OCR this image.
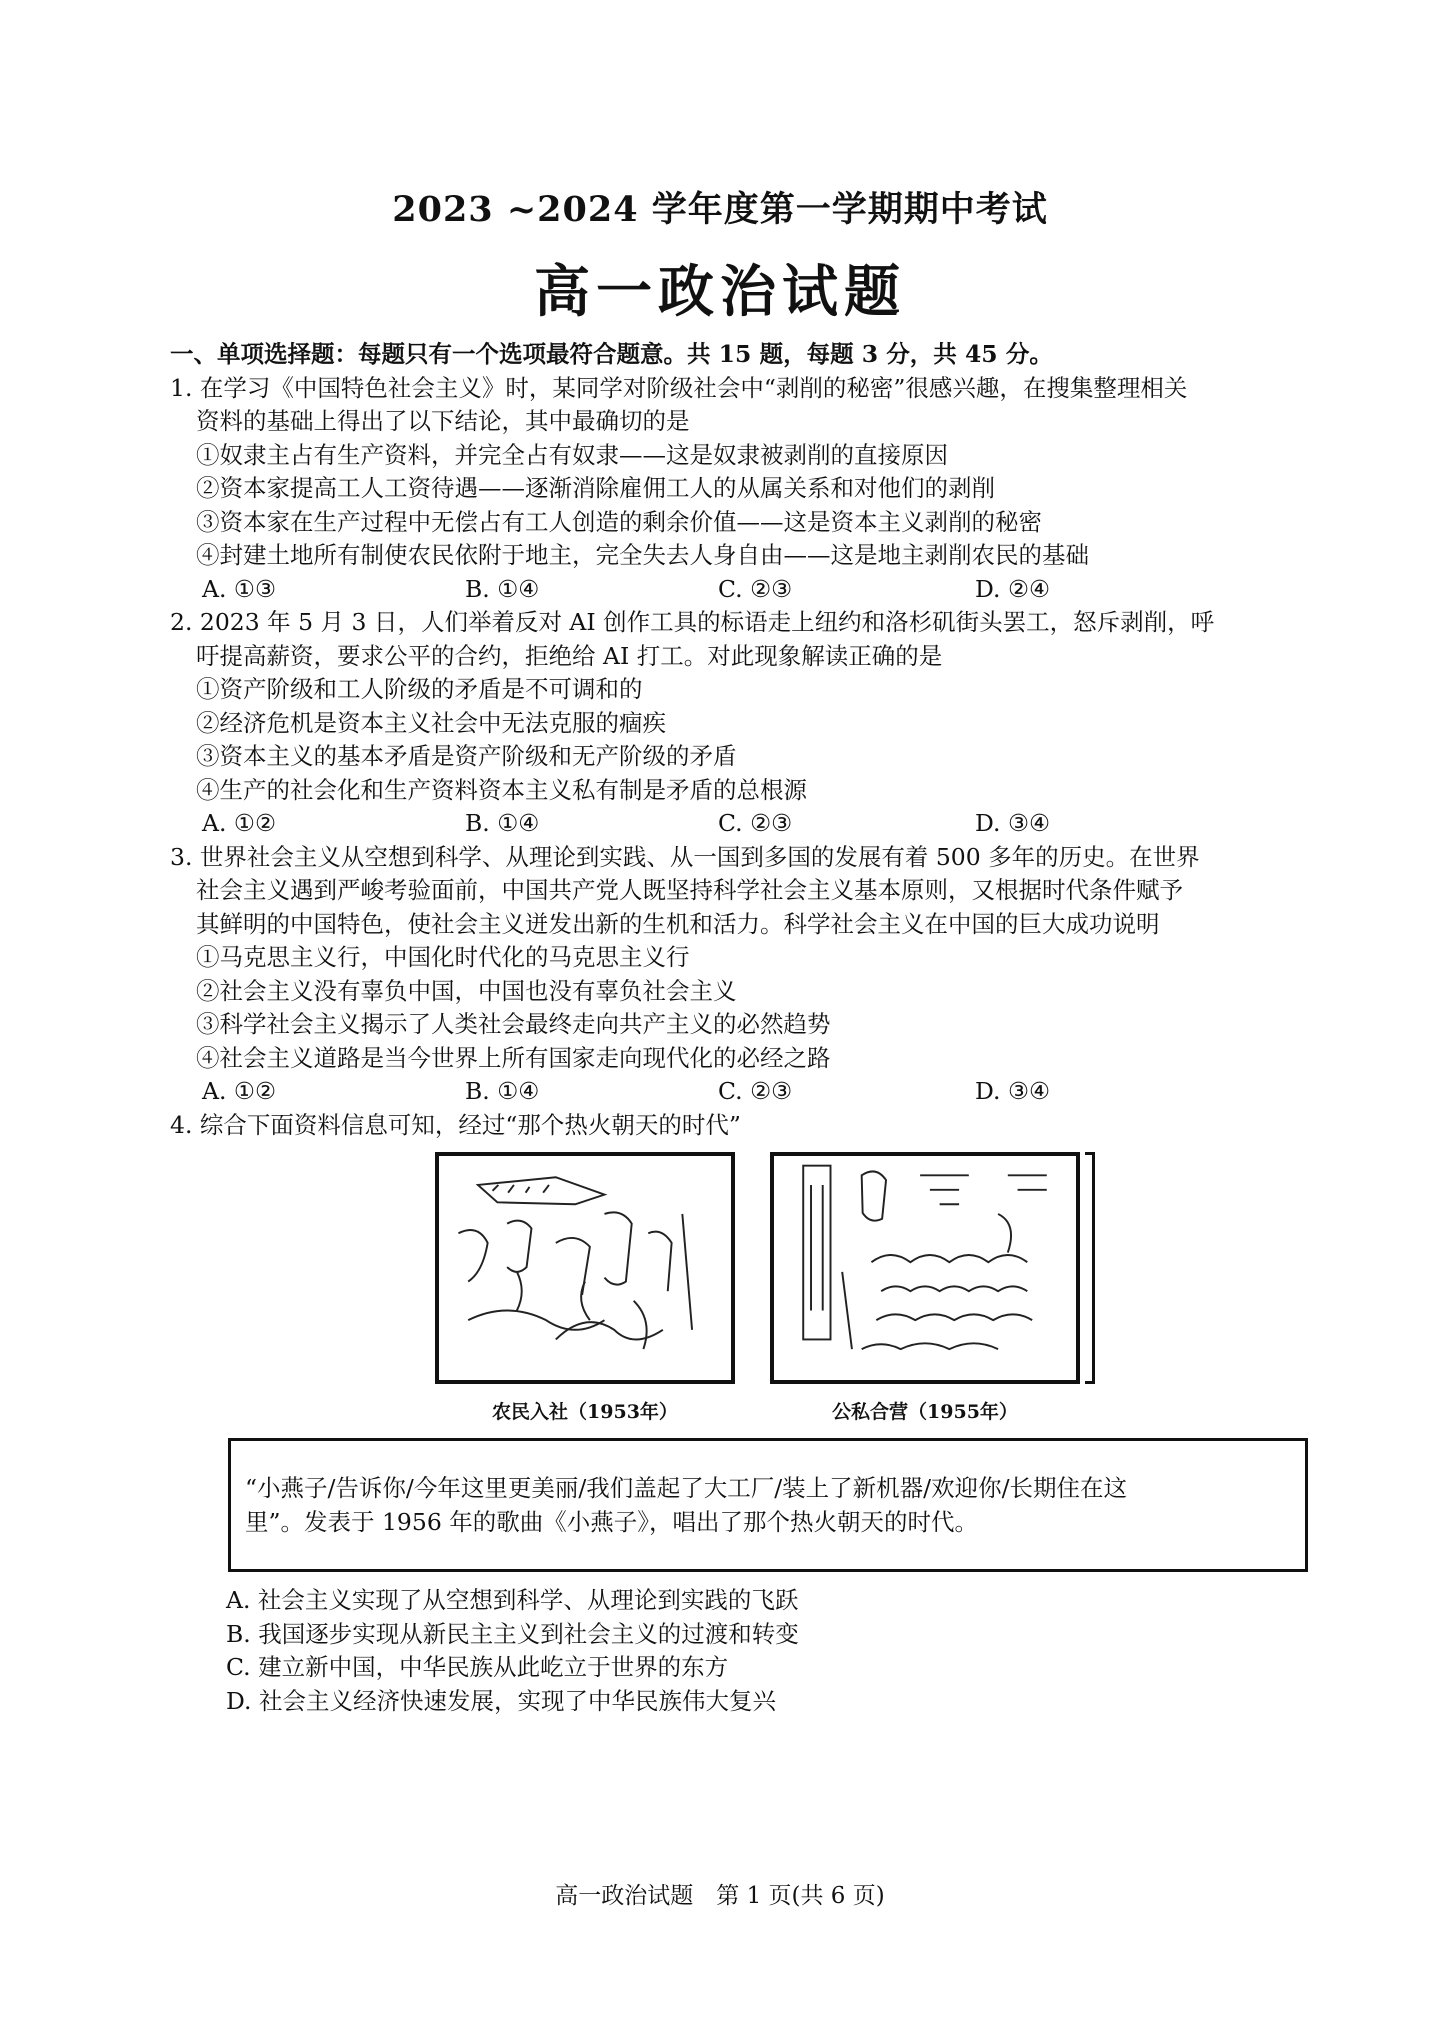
2023 ~2024 学年度第一学期期中考试
高一政治试题
一、单项选择题：每题只有一个选项最符合题意。共 15 题，每题 3 分，共 45 分。
1. 在学习《中国特色社会主义》时，某同学对阶级社会中“剥削的秘密”很感兴趣，在搜集整理相关
资料的基础上得出了以下结论，其中最确切的是
①奴隶主占有生产资料，并完全占有奴隶——这是奴隶被剥削的直接原因
②资本家提高工人工资待遇——逐渐消除雇佣工人的从属关系和对他们的剥削
③资本家在生产过程中无偿占有工人创造的剩余价值——这是资本主义剥削的秘密
④封建土地所有制使农民依附于地主，完全失去人身自由——这是地主剥削农民的基础
A. ①③	B. ①④	C. ②③	D. ②④
2. 2023 年 5 月 3 日，人们举着反对 AI 创作工具的标语走上纽约和洛杉矶街头罢工，怒斥剥削，呼
吁提高薪资，要求公平的合约，拒绝给 AI 打工。对此现象解读正确的是
①资产阶级和工人阶级的矛盾是不可调和的
②经济危机是资本主义社会中无法克服的痼疾
③资本主义的基本矛盾是资产阶级和无产阶级的矛盾
④生产的社会化和生产资料资本主义私有制是矛盾的总根源
A. ①②	B. ①④	C. ②③	D. ③④
3. 世界社会主义从空想到科学、从理论到实践、从一国到多国的发展有着 500 多年的历史。在世界
社会主义遇到严峻考验面前，中国共产党人既坚持科学社会主义基本原则，又根据时代条件赋予
其鲜明的中国特色，使社会主义迸发出新的生机和活力。科学社会主义在中国的巨大成功说明
①马克思主义行，中国化时代化的马克思主义行
②社会主义没有辜负中国，中国也没有辜负社会主义
③科学社会主义揭示了人类社会最终走向共产主义的必然趋势
④社会主义道路是当今世界上所有国家走向现代化的必经之路
A. ①②	B. ①④	C. ②③	D. ③④
4. 综合下面资料信息可知，经过“那个热火朝天的时代”
农民入社（1953年）	公私合营（1955年）
“小燕子/告诉你/今年这里更美丽/我们盖起了大工厂/装上了新机器/欢迎你/长期住在这
里”。发表于 1956 年的歌曲《小燕子》，唱出了那个热火朝天的时代。
A. 社会主义实现了从空想到科学、从理论到实践的飞跃
B. 我国逐步实现从新民主主义到社会主义的过渡和转变
C. 建立新中国，中华民族从此屹立于世界的东方
D. 社会主义经济快速发展，实现了中华民族伟大复兴
高一政治试题　第 1 页(共 6 页)
